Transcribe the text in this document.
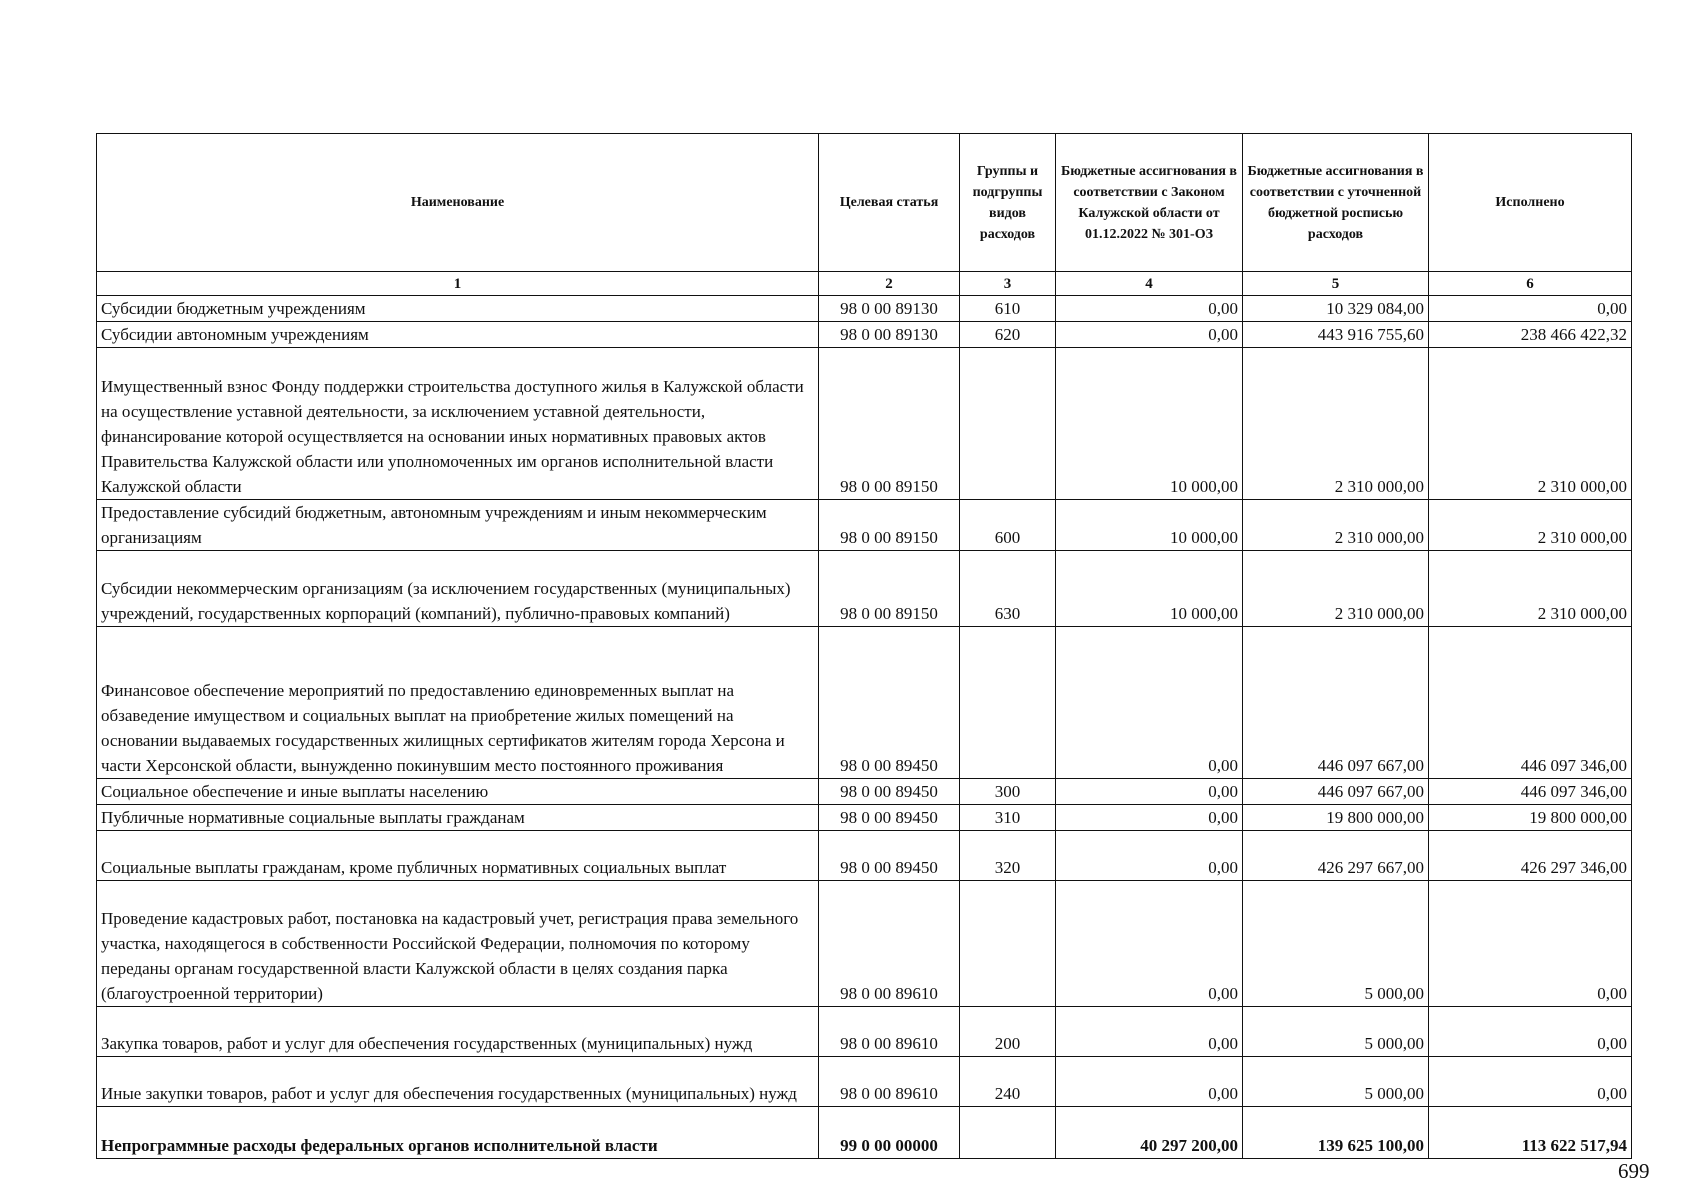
Наименование	Целевая статья	Группы и подгруппы видов расходов	Бюджетные ассигнования в соответствии с Законом Калужской области от 01.12.2022 № 301-ОЗ	Бюджетные ассигнования в соответствии с уточненной бюджетной росписью расходов	Исполнено
1	2	3	4	5	6
Субсидии бюджетным учреждениям	98 0 00 89130	610	0,00	10 329 084,00	0,00
Субсидии автономным учреждениям	98 0 00 89130	620	0,00	443 916 755,60	238 466 422,32
Имущественный взнос Фонду поддержки строительства доступного жилья в Калужской области на осуществление уставной деятельности, за исключением уставной деятельности, финансирование которой осуществляется на основании иных нормативных правовых актов Правительства Калужской области или уполномоченных им органов исполнительной власти Калужской области	98 0 00 89150		10 000,00	2 310 000,00	2 310 000,00
Предоставление субсидий бюджетным, автономным учреждениям и иным некоммерческим организациям	98 0 00 89150	600	10 000,00	2 310 000,00	2 310 000,00
Субсидии некоммерческим организациям (за исключением государственных (муниципальных) учреждений, государственных корпораций (компаний), публично-правовых компаний)	98 0 00 89150	630	10 000,00	2 310 000,00	2 310 000,00
Финансовое обеспечение мероприятий по предоставлению единовременных выплат на обзаведение имуществом и социальных выплат на приобретение жилых помещений на основании выдаваемых государственных жилищных сертификатов жителям города Херсона и части Херсонской области, вынужденно покинувшим место постоянного проживания	98 0 00 89450		0,00	446 097 667,00	446 097 346,00
Социальное обеспечение и иные выплаты населению	98 0 00 89450	300	0,00	446 097 667,00	446 097 346,00
Публичные нормативные социальные выплаты гражданам	98 0 00 89450	310	0,00	19 800 000,00	19 800 000,00
Социальные выплаты гражданам, кроме публичных нормативных социальных выплат	98 0 00 89450	320	0,00	426 297 667,00	426 297 346,00
Проведение кадастровых работ, постановка на кадастровый учет, регистрация права земельного участка, находящегося в собственности Российской Федерации, полномочия по которому переданы органам государственной власти Калужской области в целях создания парка (благоустроенной территории)	98 0 00 89610		0,00	5 000,00	0,00
Закупка товаров, работ и услуг для обеспечения государственных (муниципальных) нужд	98 0 00 89610	200	0,00	5 000,00	0,00
Иные закупки товаров, работ и услуг для обеспечения государственных (муниципальных) нужд	98 0 00 89610	240	0,00	5 000,00	0,00
Непрограммные расходы федеральных органов исполнительной власти	99 0 00 00000		40 297 200,00	139 625 100,00	113 622 517,94
699
